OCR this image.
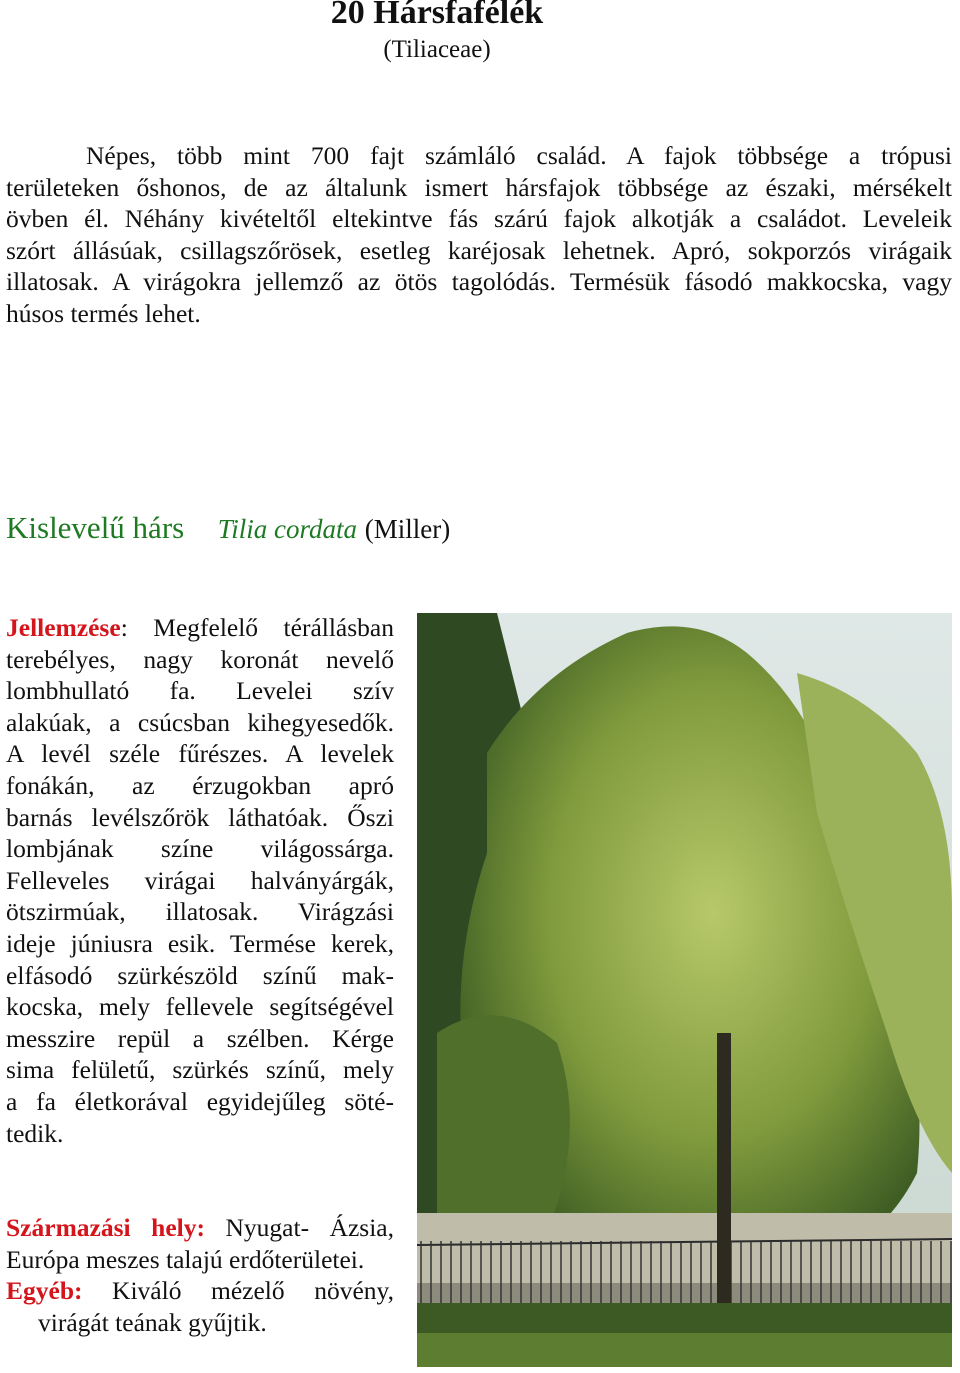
20 Hársfafélék
(Tiliaceae)
Népes, több mint 700 fajt számláló család. A fajok többsége a trópusi
területeken őshonos, de az általunk ismert hársfajok többsége az északi, mérsékelt
övben él. Néhány kivételtől eltekintve fás szárú fajok alkotják a családot. Leveleik
szórt állásúak, csillagszőrösek, esetleg karéjosak lehetnek. Apró, sokporzós virágaik
illatosak. A virágokra jellemző az ötös tagolódás. Termésük fásodó makkocska, vagy
húsos termés lehet.
Kislevelű hárs Tilia cordata (Miller)
Jellemzése: Megfelelő térállásban
terebélyes, nagy koronát nevelő
lombhullató fa. Levelei szív
alakúak, a csúcsban kihegyesedők.
A levél széle fűrészes. A levelek
fonákán, az érzugokban apró
barnás levélszőrök láthatóak. Őszi
lombjának színe világossárga.
Felleveles virágai halványárgák,
ötszirmúak, illatosak. Virágzási
ideje júniusra esik. Termése kerek,
elfásodó szürkészöld színű mak-
kocska, mely fellevele segítségével
messzire repül a szélben. Kérge
sima felületű, szürkés színű, mely
a fa életkorával egyidejűleg söté-
tedik.
Származási hely: Nyugat- Ázsia,
Európa meszes talajú erdőterületei.
Egyéb: Kiváló mézelő növény,
virágát teának gyűjtik.
